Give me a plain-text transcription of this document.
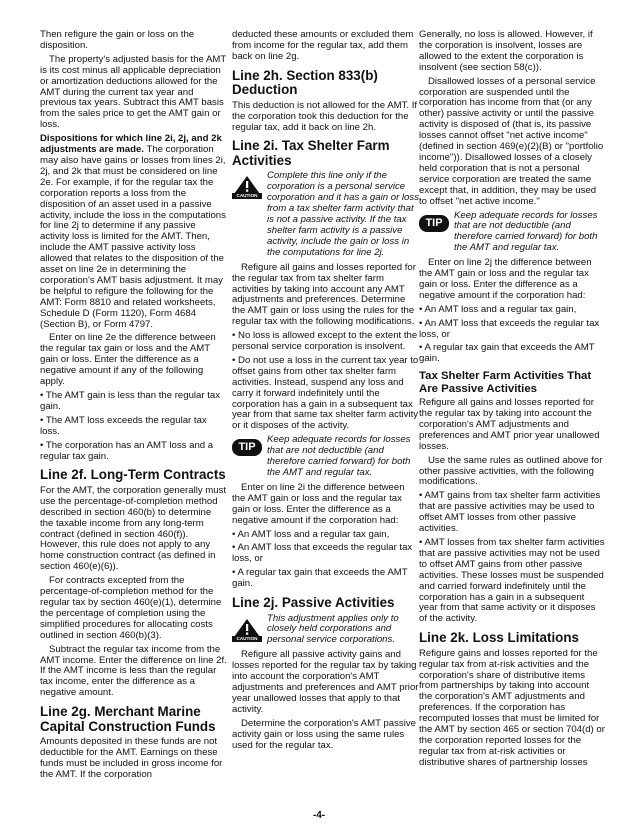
Then refigure the gain or loss on the disposition.

The property's adjusted basis for the AMT is its cost minus all applicable depreciation or amortization deductions allowed for the AMT during the current tax year and previous tax years. Subtract this AMT basis from the sales price to get the AMT gain or loss.

Dispositions for which line 2i, 2j, and 2k adjustments are made. The corporation may also have gains or losses from lines 2i, 2j, and 2k that must be considered on line 2e. For example, if for the regular tax the corporation reports a loss from the disposition of an asset used in a passive activity, include the loss in the computations for line 2j to determine if any passive activity loss is limited for the AMT. Then, include the AMT passive activity loss allowed that relates to the disposition of the asset on line 2e in determining the corporation's AMT basis adjustment. It may be helpful to refigure the following for the AMT: Form 8810 and related worksheets, Schedule D (Form 1120), Form 4684 (Section B), or Form 4797.

Enter on line 2e the difference between the regular tax gain or loss and the AMT gain or loss. Enter the difference as a negative amount if any of the following apply.

• The AMT gain is less than the regular tax gain.

• The AMT loss exceeds the regular tax loss.

• The corporation has an AMT loss and a regular tax gain.

Line 2f. Long-Term Contracts

For the AMT, the corporation generally must use the percentage-of-completion method described in section 460(b) to determine the taxable income from any long-term contract (defined in section 460(f)). However, this rule does not apply to any home construction contract (as defined in section 460(e)(6)).

For contracts excepted from the percentage-of-completion method for the regular tax by section 460(e)(1), determine the percentage of completion using the simplified procedures for allocating costs outlined in section 460(b)(3).

Subtract the regular tax income from the AMT income. Enter the difference on line 2f. If the AMT income is less than the regular tax income, enter the difference as a negative amount.

Line 2g. Merchant Marine Capital Construction Funds

Amounts deposited in these funds are not deductible for the AMT. Earnings on these funds must be included in gross income for the AMT. If the corporation

deducted these amounts or excluded them from income for the regular tax, add them back on line 2g.

Line 2h. Section 833(b) Deduction

This deduction is not allowed for the AMT. If the corporation took this deduction for the regular tax, add it back on line 2h.

Line 2i. Tax Shelter Farm Activities
CAUTION

Complete this line only if the corporation is a personal service corporation and it has a gain or loss from a tax shelter farm activity that is not a passive activity. If the tax shelter farm activity is a passive activity, include the gain or loss in the computations for line 2j.

Refigure all gains and losses reported for the regular tax from tax shelter farm activities by taking into account any AMT adjustments and preferences. Determine the AMT gain or loss using the rules for the regular tax with the following modifications.

• No loss is allowed except to the extent the personal service corporation is insolvent.

• Do not use a loss in the current tax year to offset gains from other tax shelter farm activities. Instead, suspend any loss and carry it forward indefinitely until the corporation has a gain in a subsequent tax year from that same tax shelter farm activity or it disposes of the activity.

TIP

Keep adequate records for losses that are not deductible (and therefore carried forward) for both the AMT and regular tax.

Enter on line 2i the difference between the AMT gain or loss and the regular tax gain or loss. Enter the difference as a negative amount if the corporation had:

• An AMT loss and a regular tax gain,

• An AMT loss that exceeds the regular tax loss, or

• A regular tax gain that exceeds the AMT gain.

Line 2j. Passive Activities
CAUTION

This adjustment applies only to closely held corporations and personal service corporations.

Refigure all passive activity gains and losses reported for the regular tax by taking into account the corporation's AMT adjustments and preferences and AMT prior year unallowed losses that apply to that activity.

Determine the corporation's AMT passive activity gain or loss using the same rules used for the regular tax.

Generally, no loss is allowed. However, if the corporation is insolvent, losses are allowed to the extent the corporation is insolvent (see section 58(c)).

Disallowed losses of a personal service corporation are suspended until the corporation has income from that (or any other) passive activity or until the passive activity is disposed of (that is, its passive losses cannot offset "net active income" (defined in section 469(e)(2)(B) or "portfolio income")). Disallowed losses of a closely held corporation that is not a personal service corporation are treated the same except that, in addition, they may be used to offset "net active income."

TIP

Keep adequate records for losses that are not deductible (and therefore carried forward) for both the AMT and regular tax.

Enter on line 2j the difference between the AMT gain or loss and the regular tax gain or loss. Enter the difference as a negative amount if the corporation had:

• An AMT loss and a regular tax gain,

• An AMT loss that exceeds the regular tax loss, or

• A regular tax gain that exceeds the AMT gain.

Tax Shelter Farm Activities That Are Passive Activities

Refigure all gains and losses reported for the regular tax by taking into account the corporation's AMT adjustments and preferences and AMT prior year unallowed losses.

Use the same rules as outlined above for other passive activities, with the following modifications.

• AMT gains from tax shelter farm activities that are passive activities may be used to offset AMT losses from other passive activities.

• AMT losses from tax shelter farm activities that are passive activities may not be used to offset AMT gains from other passive activities. These losses must be suspended and carried forward indefinitely until the corporation has a gain in a subsequent year from that same activity or it disposes of the activity.

Line 2k. Loss Limitations

Refigure gains and losses reported for the regular tax from at-risk activities and the corporation's share of distributive items from partnerships by taking into account the corporation's AMT adjustments and preferences. If the corporation has recomputed losses that must be limited for the AMT by section 465 or section 704(d) or the corporation reported losses for the regular tax from at-risk activities or distributive shares of partnership losses

-4-
